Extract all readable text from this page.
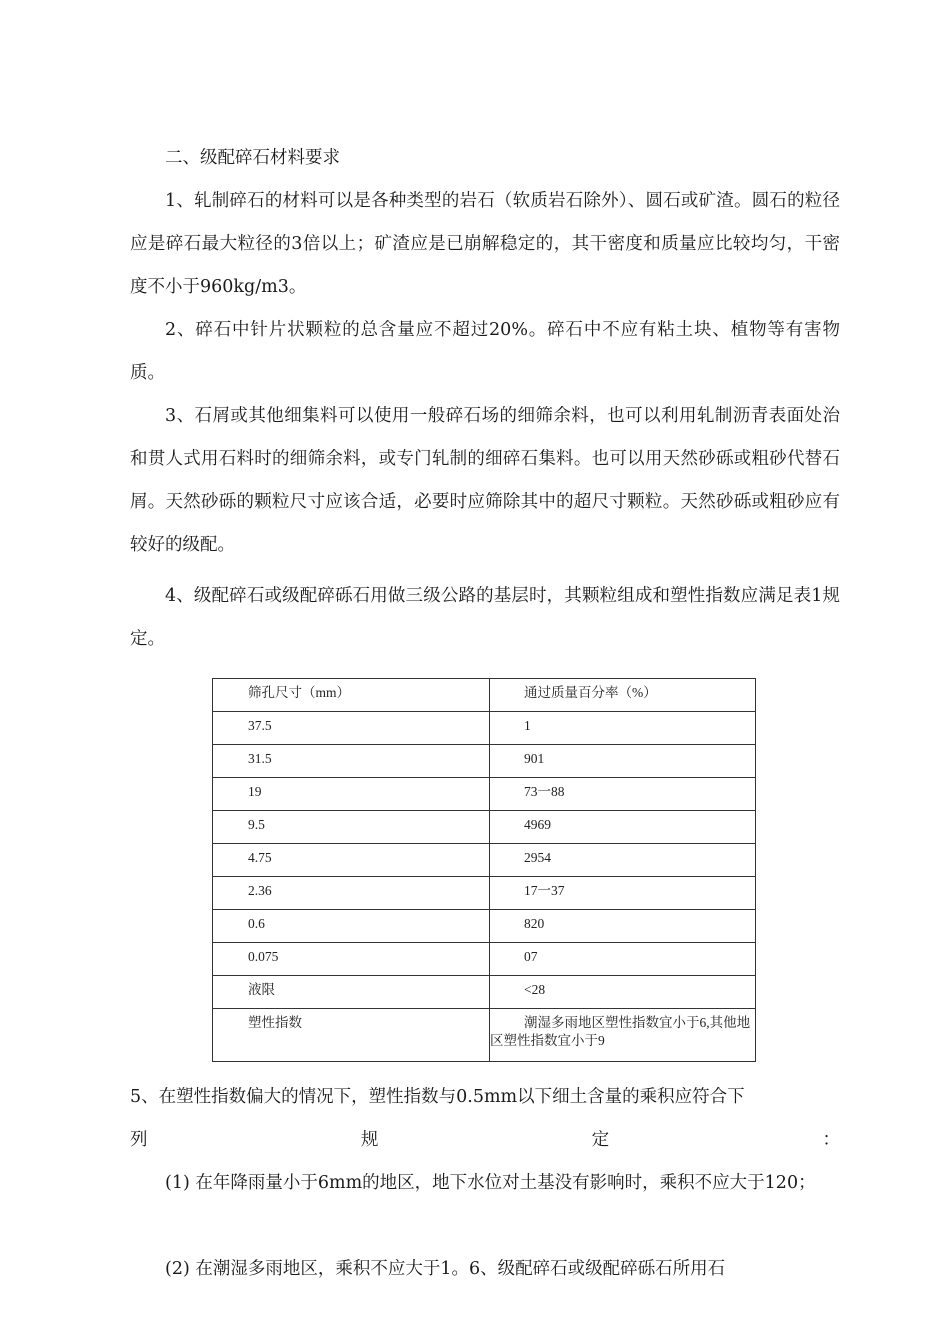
二、级配碎石材料要求

1、轧制碎石的材料可以是各种类型的岩石（软质岩石除外）、圆石或矿渣。圆石的粒径应是碎石最大粒径的3倍以上；矿渣应是已崩解稳定的，其干密度和质量应比较均匀，干密度不小于960kg/m3。

2、碎石中针片状颗粒的总含量应不超过20%。碎石中不应有粘土块、植物等有害物质。

3、石屑或其他细集料可以使用一般碎石场的细筛余料，也可以利用轧制沥青表面处治和贯人式用石料时的细筛余料，或专门轧制的细碎石集料。也可以用天然砂砾或粗砂代替石屑。天然砂砾的颗粒尺寸应该合适，必要时应筛除其中的超尺寸颗粒。天然砂砾或粗砂应有较好的级配。

4、级配碎石或级配碎砾石用做三级公路的基层时，其颗粒组成和塑性指数应满足表1规定。

筛孔尺寸（mm）	通过质量百分率（%）
37.5	1
31.5	901
19	73一88
9.5	4969
4.75	2954
2.36	17一37
0.6	820
0.075	07
液限	<28
塑性指数	潮湿多雨地区塑性指数宜小于6,其他地区塑性指数宜小于9

5、在塑性指数偏大的情况下，塑性指数与0.5mm以下细土含量的乘积应符合下

列	规	定	：

(1) 在年降雨量小于6mm的地区，地下水位对土基没有影响时，乘积不应大于120；

(2) 在潮湿多雨地区，乘积不应大于1。6、级配碎石或级配碎砾石所用石
